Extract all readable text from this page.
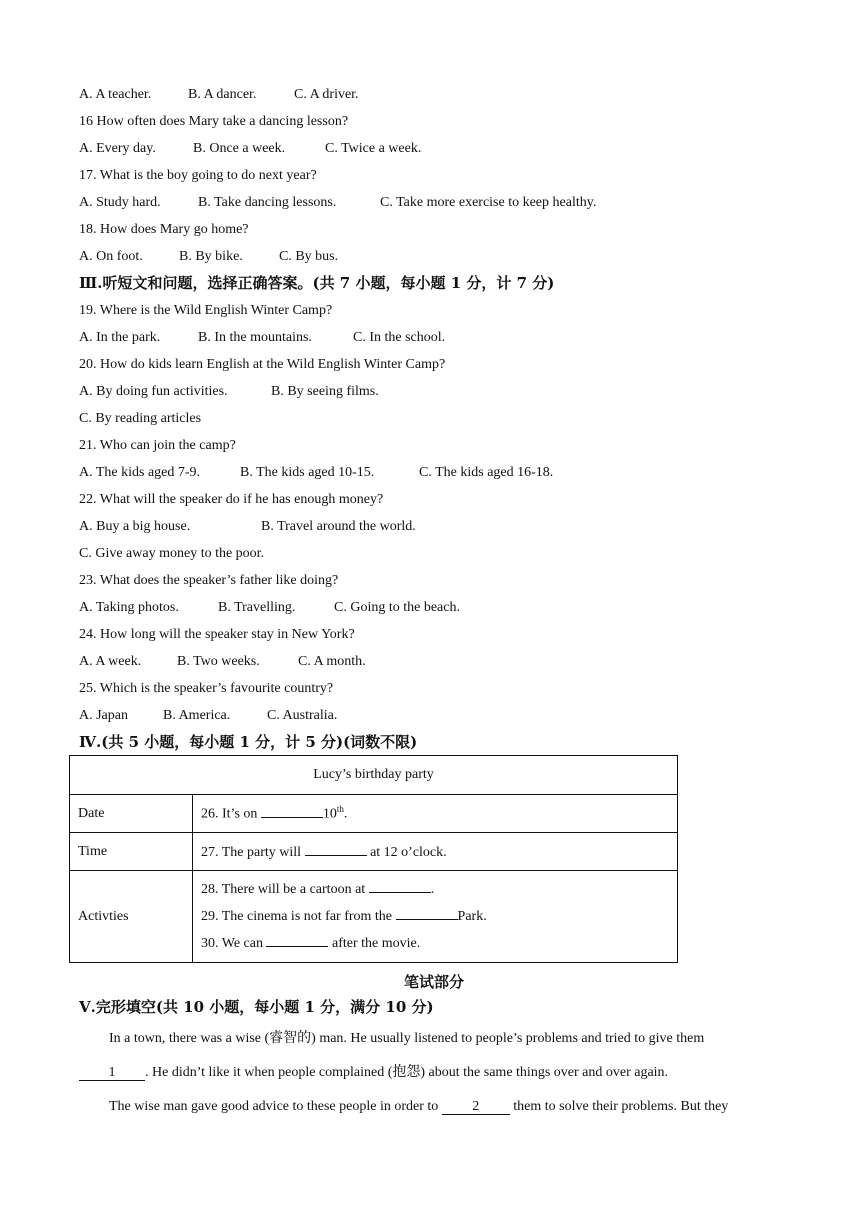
A. A teacher.	B. A dancer.	C. A driver.
16 How often does Mary take a dancing lesson?
A. Every day.	B. Once a week.	C. Twice a week.
17. What is the boy going to do next year?
A. Study hard.	B. Take dancing lessons.	C. Take more exercise to keep healthy.
18. How does Mary go home?
A. On foot.	B. By bike.	C. By bus.
Ⅲ.听短文和问题，选择正确答案。(共 7 小题，每小题 1 分，计 7 分)
19. Where is the Wild English Winter Camp?
A. In the park.	B. In the mountains.	C. In the school.
20. How do kids learn English at the Wild English Winter Camp?
A. By doing fun activities.	B. By seeing films.
C. By reading articles
21. Who can join the camp?
A. The kids aged 7-9.	B. The kids aged 10-15.	C. The kids aged 16-18.
22. What will the speaker do if he has enough money?
A. Buy a big house.	B. Travel around the world.
C. Give away money to the poor.
23. What does the speaker’s father like doing?
A. Taking photos.	B. Travelling.	C. Going to the beach.
24. How long will the speaker stay in New York?
A. A week.	B. Two weeks.	C. A month.
25. Which is the speaker’s favourite country?
A. Japan	B. America.	C. Australia.
Ⅳ.(共 5 小题，每小题 1 分，计 5 分)(词数不限)
Lucy’s birthday party	
Date	26. It’s on 10th.
Time	27. The party will at 12 o’clock.
Activties	28. There will be a cartoon at .
29. The cinema is not far from the Park.
30. We can after the movie.
笔试部分
Ⅴ.完形填空(共 10 小题，每小题 1 分，满分 10 分)
In a town, there was a wise (睿智的) man. He usually listened to people’s problems and tried to give them
1 . He didn’t like it when people complained (抱怨) about the same things over and over again.
The wise man gave good advice to these people in order to 2 them to solve their problems. But they
